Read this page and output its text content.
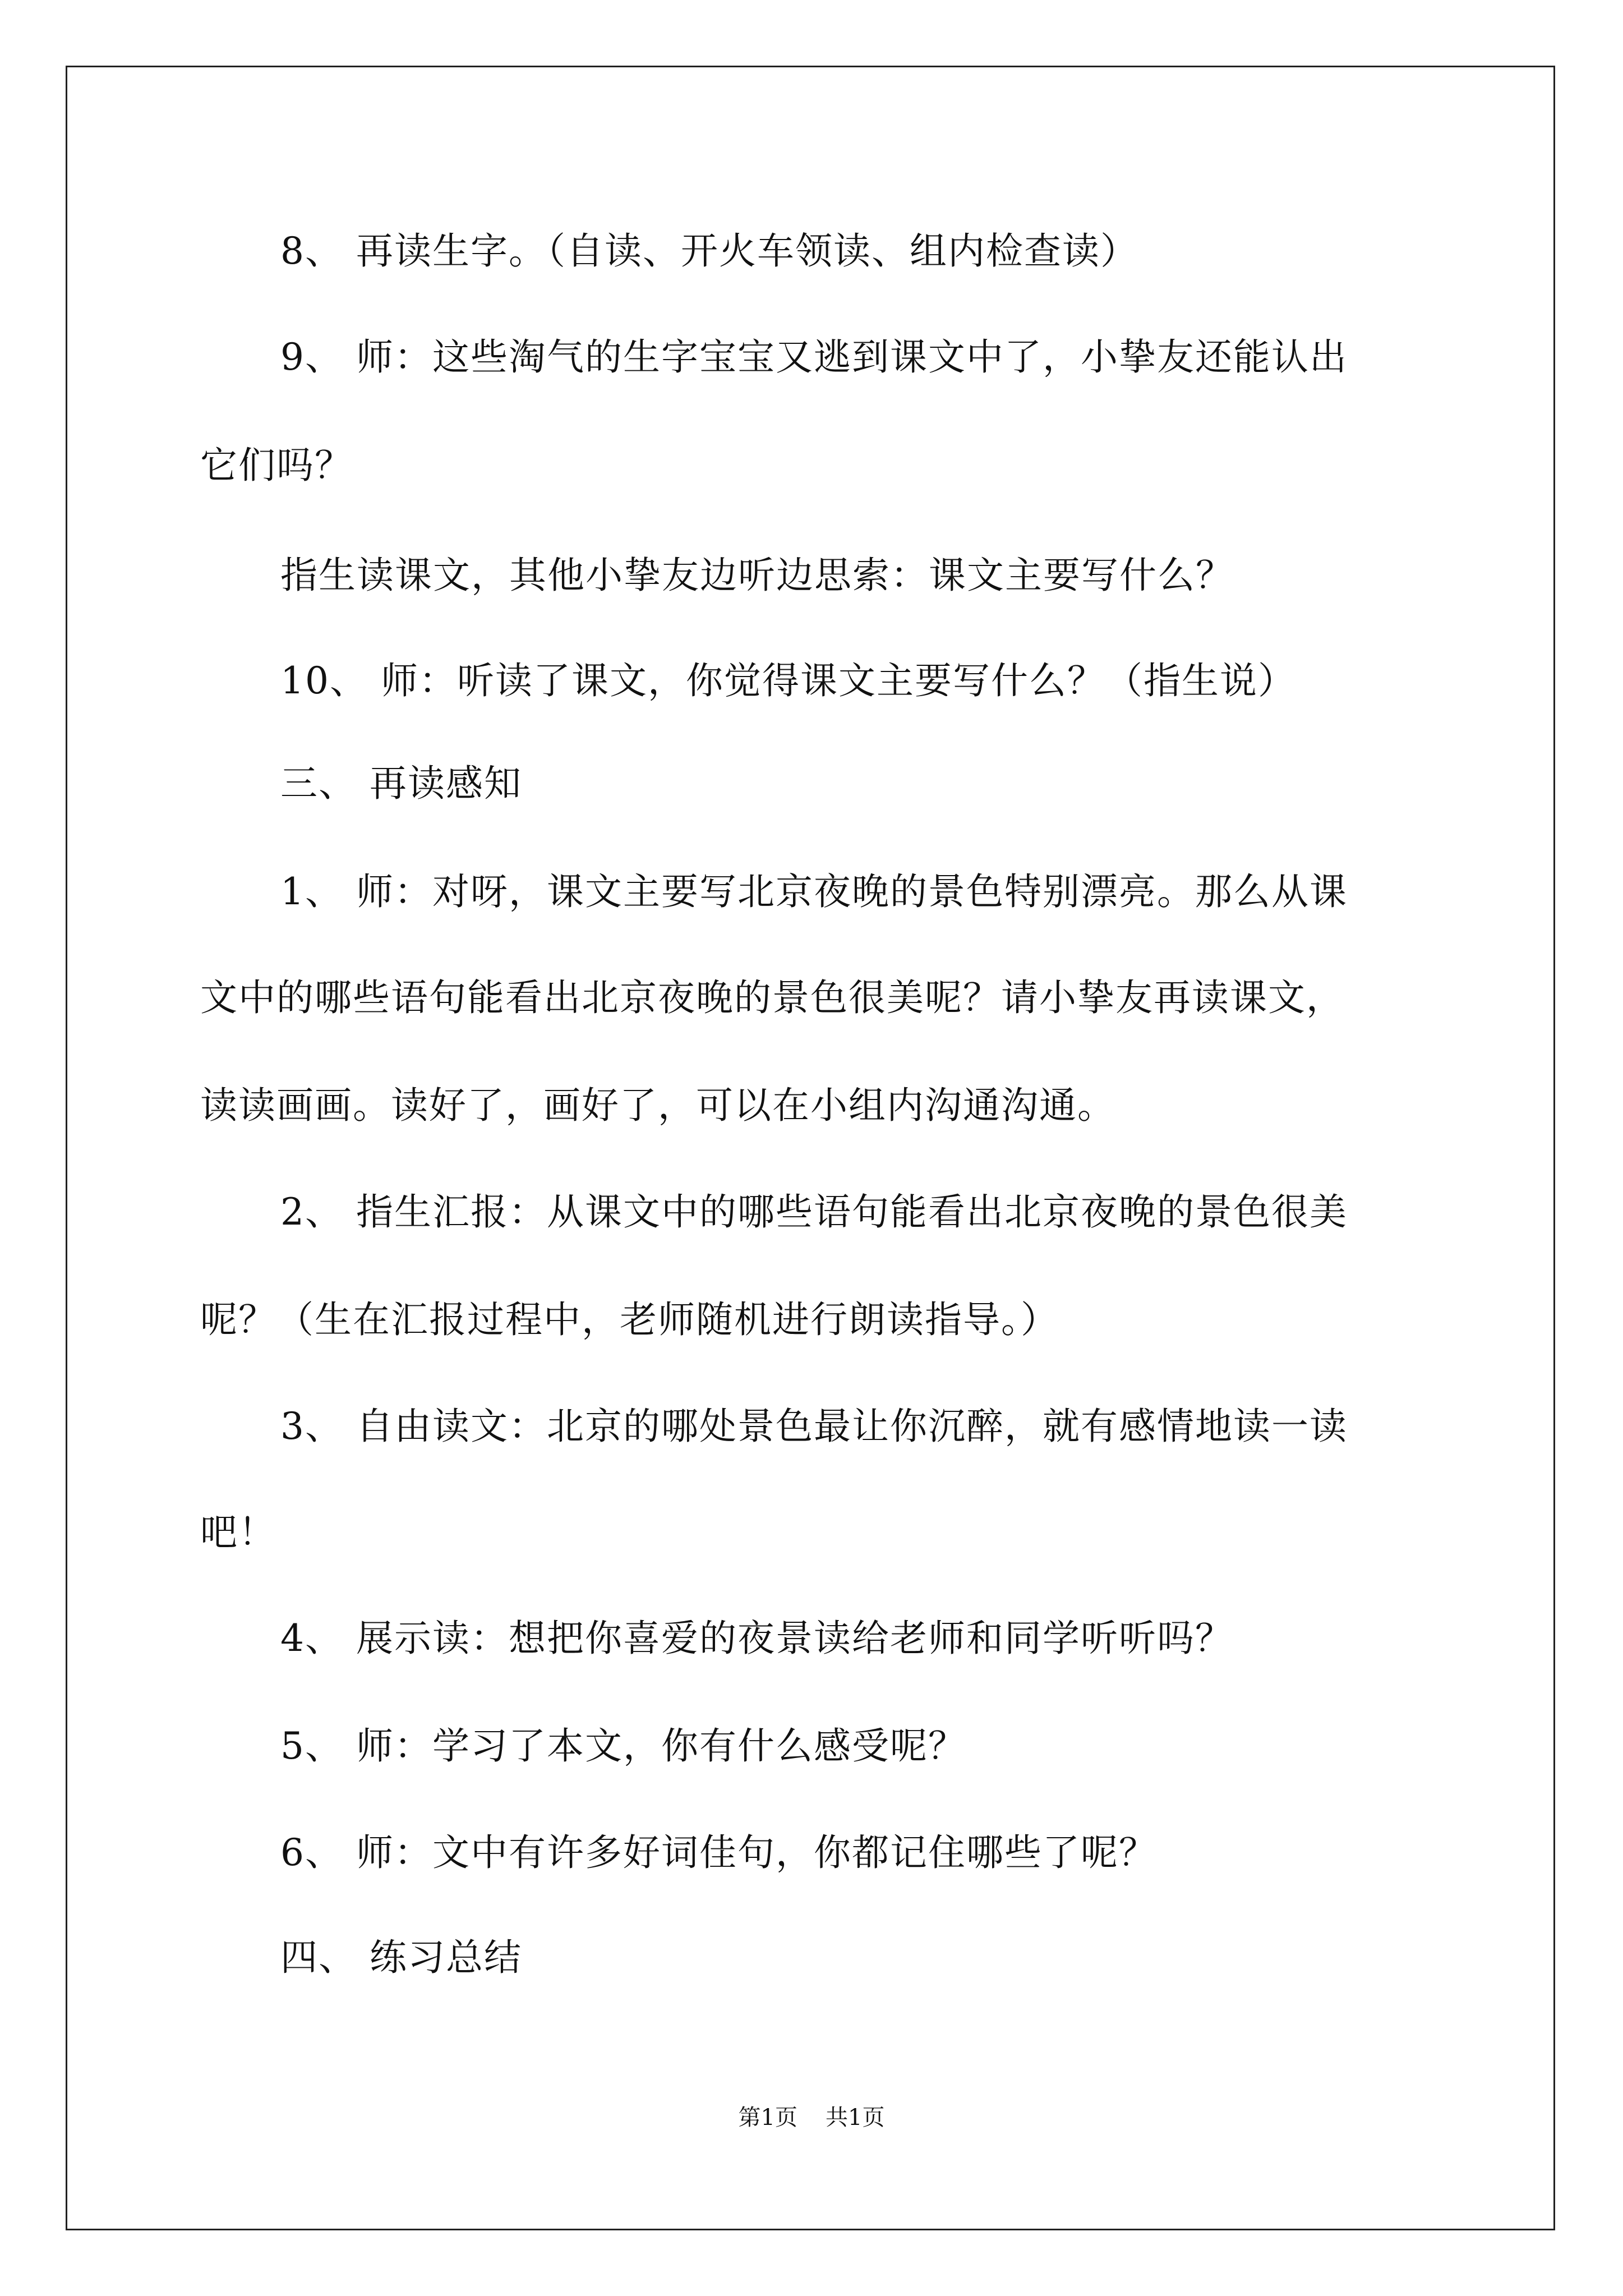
8、 再读生字。（自读、开火车领读、组内检查读）
9、 师：这些淘气的生字宝宝又逃到课文中了，小挚友还能认出
它们吗？
指生读课文，其他小挚友边听边思索：课文主要写什么？
10、 师：听读了课文，你觉得课文主要写什么？（指生说）
三、 再读感知
1、 师：对呀，课文主要写北京夜晚的景色特别漂亮。那么从课
文中的哪些语句能看出北京夜晚的景色很美呢？请小挚友再读课文，
读读画画。读好了，画好了，可以在小组内沟通沟通。
2、 指生汇报：从课文中的哪些语句能看出北京夜晚的景色很美
呢？（生在汇报过程中，老师随机进行朗读指导。）
3、 自由读文：北京的哪处景色最让你沉醉，就有感情地读一读
吧！
4、 展示读：想把你喜爱的夜景读给老师和同学听听吗？
5、 师：学习了本文，你有什么感受呢？
6、 师：文中有许多好词佳句，你都记住哪些了呢？
四、 练习总结
第1页 共1页
